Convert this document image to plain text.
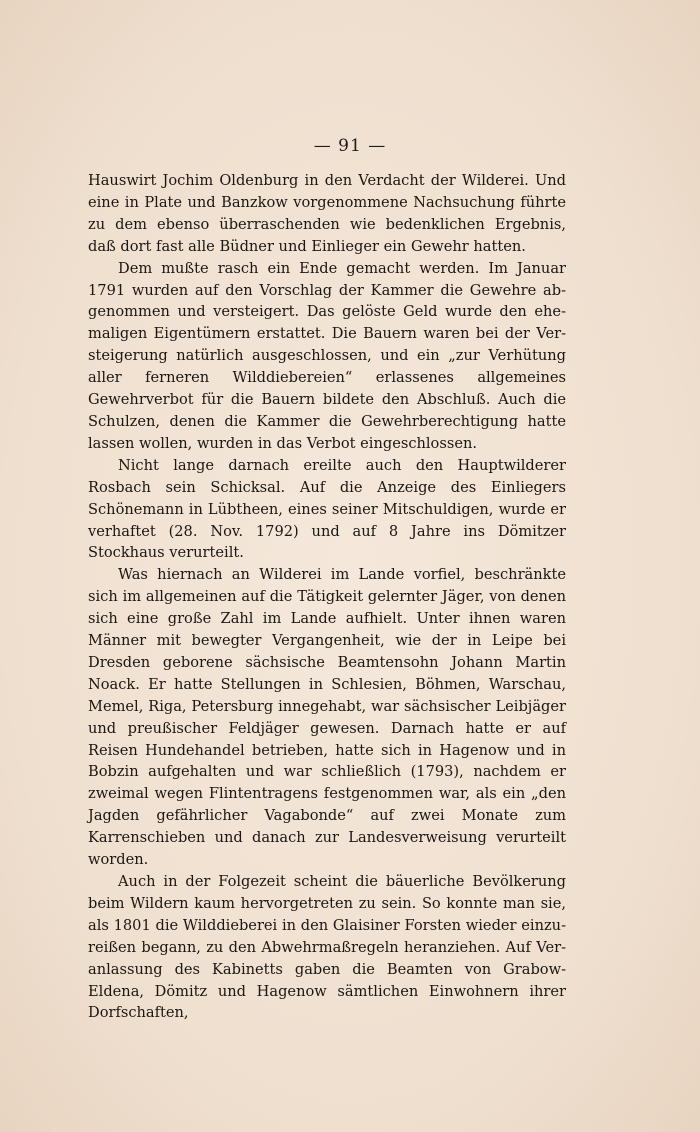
— 91 —

Hauswirt Jochim Oldenburg in den Verdacht der Wilderei. Und eine in Plate und Banzkow vorgenommene Nachsuchung führte zu dem ebenso überraschenden wie bedenklichen Ergebnis, daß dort fast alle Büdner und Einlieger ein Gewehr hatten.

Dem mußte rasch ein Ende gemacht werden. Im Januar 1791 wurden auf den Vorschlag der Kammer die Gewehre abgenommen und versteigert. Das gelöste Geld wurde den ehemaligen Eigentümern erstattet. Die Bauern waren bei der Versteigerung natürlich ausgeschlossen, und ein „zur Verhütung aller ferneren Wilddiebereien“ erlassenes allgemeines Gewehrverbot für die Bauern bildete den Abschluß. Auch die Schulzen, denen die Kammer die Gewehrberechtigung hatte lassen wollen, wurden in das Verbot eingeschlossen.

Nicht lange darnach ereilte auch den Hauptwilderer Rosbach sein Schicksal. Auf die Anzeige des Einliegers Schönemann in Lübtheen, eines seiner Mitschuldigen, wurde er verhaftet (28. Nov. 1792) und auf 8 Jahre ins Dömitzer Stockhaus verurteilt.

Was hiernach an Wilderei im Lande vorfiel, beschränkte sich im allgemeinen auf die Tätigkeit gelernter Jäger, von denen sich eine große Zahl im Lande aufhielt. Unter ihnen waren Männer mit bewegter Vergangenheit, wie der in Leipe bei Dresden geborene sächsische Beamtensohn Johann Martin Noack. Er hatte Stellungen in Schlesien, Böhmen, Warschau, Memel, Riga, Petersburg innegehabt, war sächsischer Leibjäger und preußischer Feldjäger gewesen. Darnach hatte er auf Reisen Hundehandel betrieben, hatte sich in Hagenow und in Bobzin aufgehalten und war schließlich (1793), nachdem er zweimal wegen Flintentragens festgenommen war, als ein „den Jagden gefährlicher Vagabonde“ auf zwei Monate zum Karrenschieben und danach zur Landesverweisung verurteilt worden.

Auch in der Folgezeit scheint die bäuerliche Bevölkerung beim Wildern kaum hervorgetreten zu sein. So konnte man sie, als 1801 die Wilddieberei in den Glaisiner Forsten wieder einzureißen begann, zu den Abwehrmaßregeln heranziehen. Auf Veranlassung des Kabinetts gaben die Beamten von Grabow-Eldena, Dömitz und Hagenow sämtlichen Einwohnern ihrer Dorfschaften,
